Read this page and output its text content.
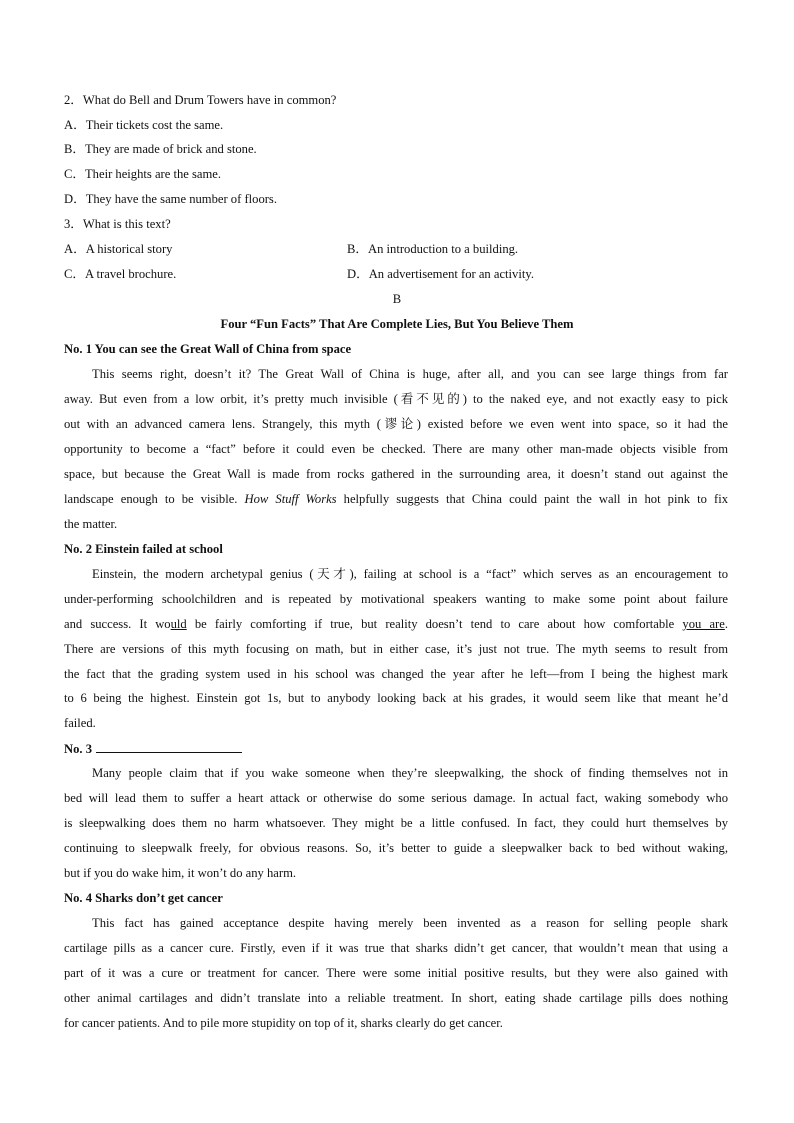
2．What do Bell and Drum Towers have in common?
A．Their tickets cost the same.
B．They are made of brick and stone.
C．Their heights are the same.
D．They have the same number of floors.
3．What is this text?
A．A historical story	B．An introduction to a building.
C．A travel brochure.	D．An advertisement for an activity.
B
Four “Fun Facts” That Are Complete Lies, But You Believe Them
No. 1 You can see the Great Wall of China from space
This seems right, doesn’t it? The Great Wall of China is huge, after all, and you can see large things from far
away. But even from a low orbit, it’s pretty much invisible (看不见的) to the naked eye, and not exactly easy to pick
out with an advanced camera lens. Strangely, this myth (谬论) existed before we even went into space, so it had the
opportunity to become a “fact” before it could even be checked. There are many other man-made objects visible from
space, but because the Great Wall is made from rocks gathered in the surrounding area, it doesn’t stand out against the
landscape enough to be visible. How Stuff Works helpfully suggests that China could paint the wall in hot pink to fix
the matter.
No. 2 Einstein failed at school
Einstein, the modern archetypal genius (天才), failing at school is a “fact” which serves as an encouragement to
under-performing schoolchildren and is repeated by motivational speakers wanting to make some point about failure
and success. It would be fairly comforting if true, but reality doesn’t tend to care about how comfortable you are.
There are versions of this myth focusing on math, but in either case, it’s just not true. The myth seems to result from
the fact that the grading system used in his school was changed the year after he left—from I being the highest mark
to 6 being the highest. Einstein got 1s, but to anybody looking back at his grades, it would seem like that meant he’d
failed.
No. 3
Many people claim that if you wake someone when they’re sleepwalking, the shock of finding themselves not in
bed will lead them to suffer a heart attack or otherwise do some serious damage. In actual fact, waking somebody who
is sleepwalking does them no harm whatsoever. They might be a little confused. In fact, they could hurt themselves by
continuing to sleepwalk freely, for obvious reasons. So, it’s better to guide a sleepwalker back to bed without waking,
but if you do wake him, it won’t do any harm.
No. 4 Sharks don’t get cancer
This fact has gained acceptance despite having merely been invented as a reason for selling people shark
cartilage pills as a cancer cure. Firstly, even if it was true that sharks didn’t get cancer, that wouldn’t mean that using a
part of it was a cure or treatment for cancer. There were some initial positive results, but they were also gained with
other animal cartilages and didn’t translate into a reliable treatment. In short, eating shade cartilage pills does nothing
for cancer patients. And to pile more stupidity on top of it, sharks clearly do get cancer.
